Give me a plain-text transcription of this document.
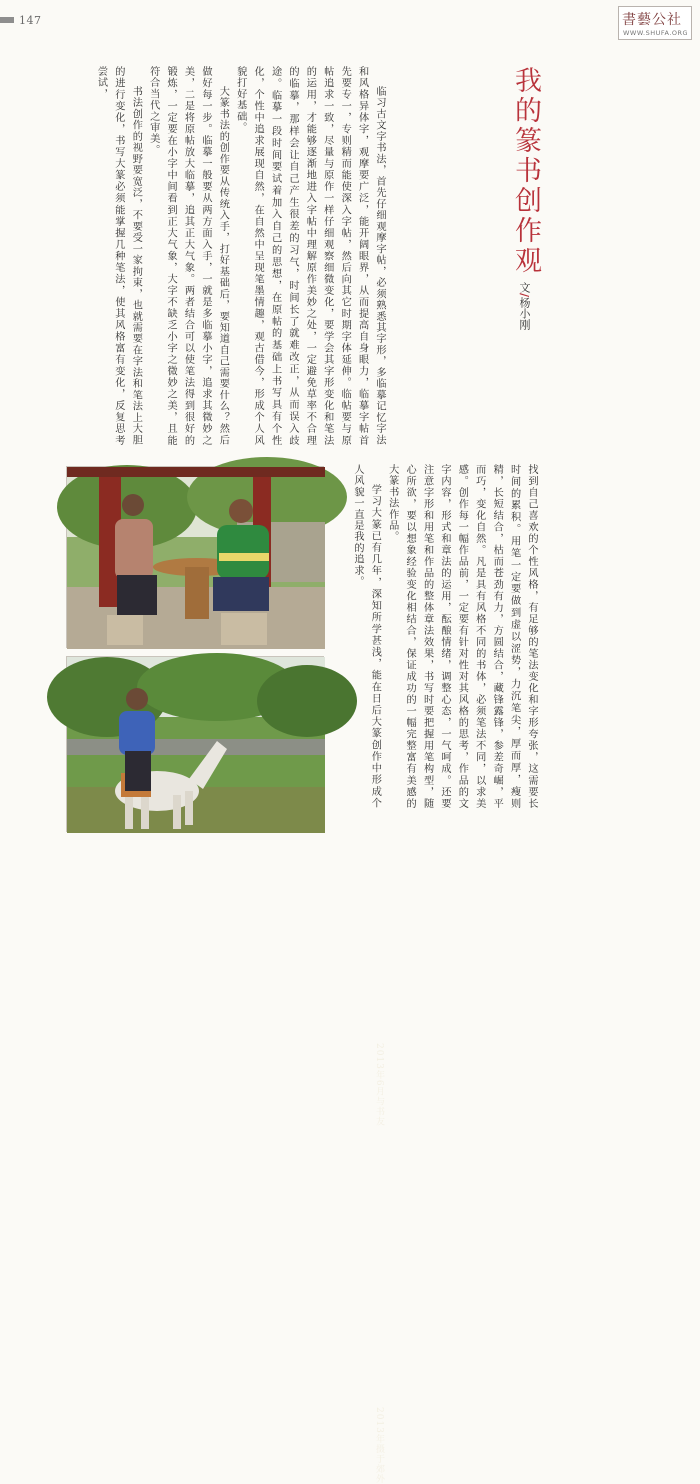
147	書藝公社
WWW.SHUFA.ORG
我的篆书创作观
文/杨小刚

临习古文字书法，首先仔细观摩字帖，必须熟悉其字形，多临摹记忆字法和风格异体字，观摩要广泛，能开阔眼界，从而提高自身眼力，临摹字帖首先要专一，专则精而能使深入字帖，然后向其它时期字体延伸。临帖要与原帖追求一致，尽量与原作一样仔细观察细微变化，要学会其字形变化和笔法的运用，才能够逐渐地进入字帖中理解原作美妙之处，一定避免草率不合理的临摹，那样会让自己产生很差的习气，时间长了就难改正，从而误入歧途。临摹一段时间要试着加入自己的思想，在原帖的基础上书写具有个性化，个性中追求展现自然，在自然中呈现笔墨情趣，观古借今，形成个人风貌打好基础。

大篆书法的创作要从传统入手，打好基础后，要知道自己需要什么？然后做好每一步。临摹一般要从两方面入手，一就是多临摹小字，追求其微妙之美，二是将原帖放大临摹，追其正大气象。两者结合可以使笔法得到很好的锻炼，一定要在小字中间看到正大气象，大字不缺乏小字之微妙之美，且能符合当代之审美。

书法创作的视野要宽泛，不要受一家拘束，也就需要在字法和笔法上大胆的进行变化，书写大篆必须能掌握几种笔法，使其风格富有变化，反复思考尝试，

找到自己喜欢的个性风格，有足够的笔法变化和字形夸张，这需要长时间的累积。用笔一定要做到虚以涩势，力沉笔尖，厚而厚，瘦则精，长短结合，枯而苍劲有力，方圆结合，藏锋露锋，参差奇崛，平而巧，变化自然。凡是具有风格不同的书体，必须笔法不同，以求美感。创作每一幅作品前，一定要有针对性对其风格的思考，作品的文字内容，形式和章法的运用，酝酿情绪，调整心态，一气呵成。还要注意字形和用笔和作品的整体章法效果，书写时要把握用笔构型，随心所欲，要以想象经验变化相结合，保证成功的一幅完整富有美感的大篆书法作品。

学习大篆已有几年，深知所学甚浅，能在日后大篆创作中形成个人风貌一直是我的追求。

2013年6月与书友
2013年摄于郊外
